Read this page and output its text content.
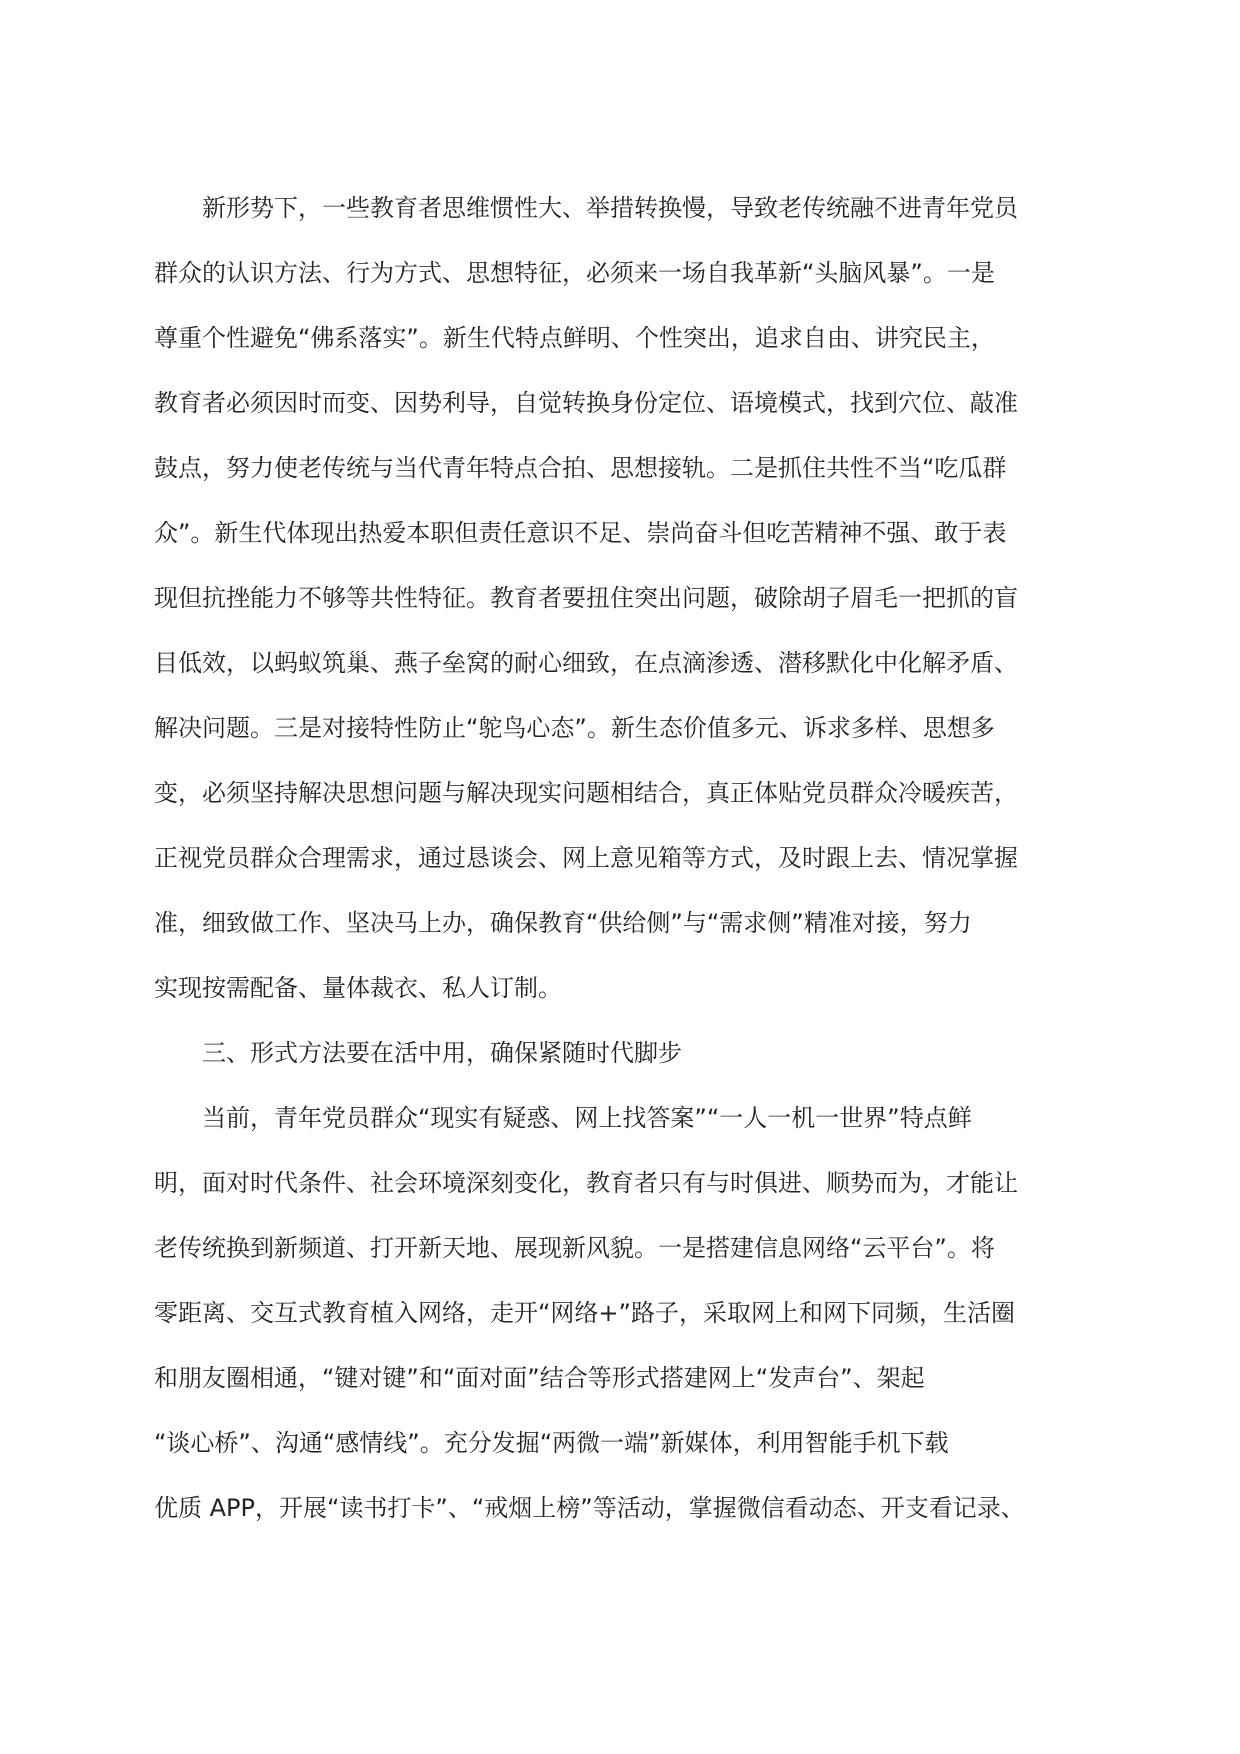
新形势下，一些教育者思维惯性大、举措转换慢，导致老传统融不进青年党员
群众的认识方法、行为方式、思想特征，必须来一场自我革新“头脑风暴”。一是
尊重个性避免“佛系落实”。新生代特点鲜明、个性突出，追求自由、讲究民主，
教育者必须因时而变、因势利导，自觉转换身份定位、语境模式，找到穴位、敲准
鼓点，努力使老传统与当代青年特点合拍、思想接轨。二是抓住共性不当“吃瓜群
众”。新生代体现出热爱本职但责任意识不足、崇尚奋斗但吃苦精神不强、敢于表
现但抗挫能力不够等共性特征。教育者要扭住突出问题，破除胡子眉毛一把抓的盲
目低效，以蚂蚁筑巢、燕子垒窝的耐心细致，在点滴渗透、潜移默化中化解矛盾、
解决问题。三是对接特性防止“鸵鸟心态”。新生态价值多元、诉求多样、思想多
变，必须坚持解决思想问题与解决现实问题相结合，真正体贴党员群众冷暖疾苦，
正视党员群众合理需求，通过恳谈会、网上意见箱等方式，及时跟上去、情况掌握
准，细致做工作、坚决马上办，确保教育“供给侧”与“需求侧”精准对接，努力
实现按需配备、量体裁衣、私人订制。

三、形式方法要在活中用，确保紧随时代脚步

当前，青年党员群众“现实有疑惑、网上找答案”“一人一机一世界”特点鲜
明，面对时代条件、社会环境深刻变化，教育者只有与时俱进、顺势而为，才能让
老传统换到新频道、打开新天地、展现新风貌。一是搭建信息网络“云平台”。将
零距离、交互式教育植入网络，走开“网络+”路子，采取网上和网下同频，生活圈
和朋友圈相通，“键对键”和“面对面”结合等形式搭建网上“发声台”、架起
“谈心桥”、沟通“感情线”。充分发掘“两微一端”新媒体，利用智能手机下载
优质 APP，开展“读书打卡”、“戒烟上榜”等活动，掌握微信看动态、开支看记录、
